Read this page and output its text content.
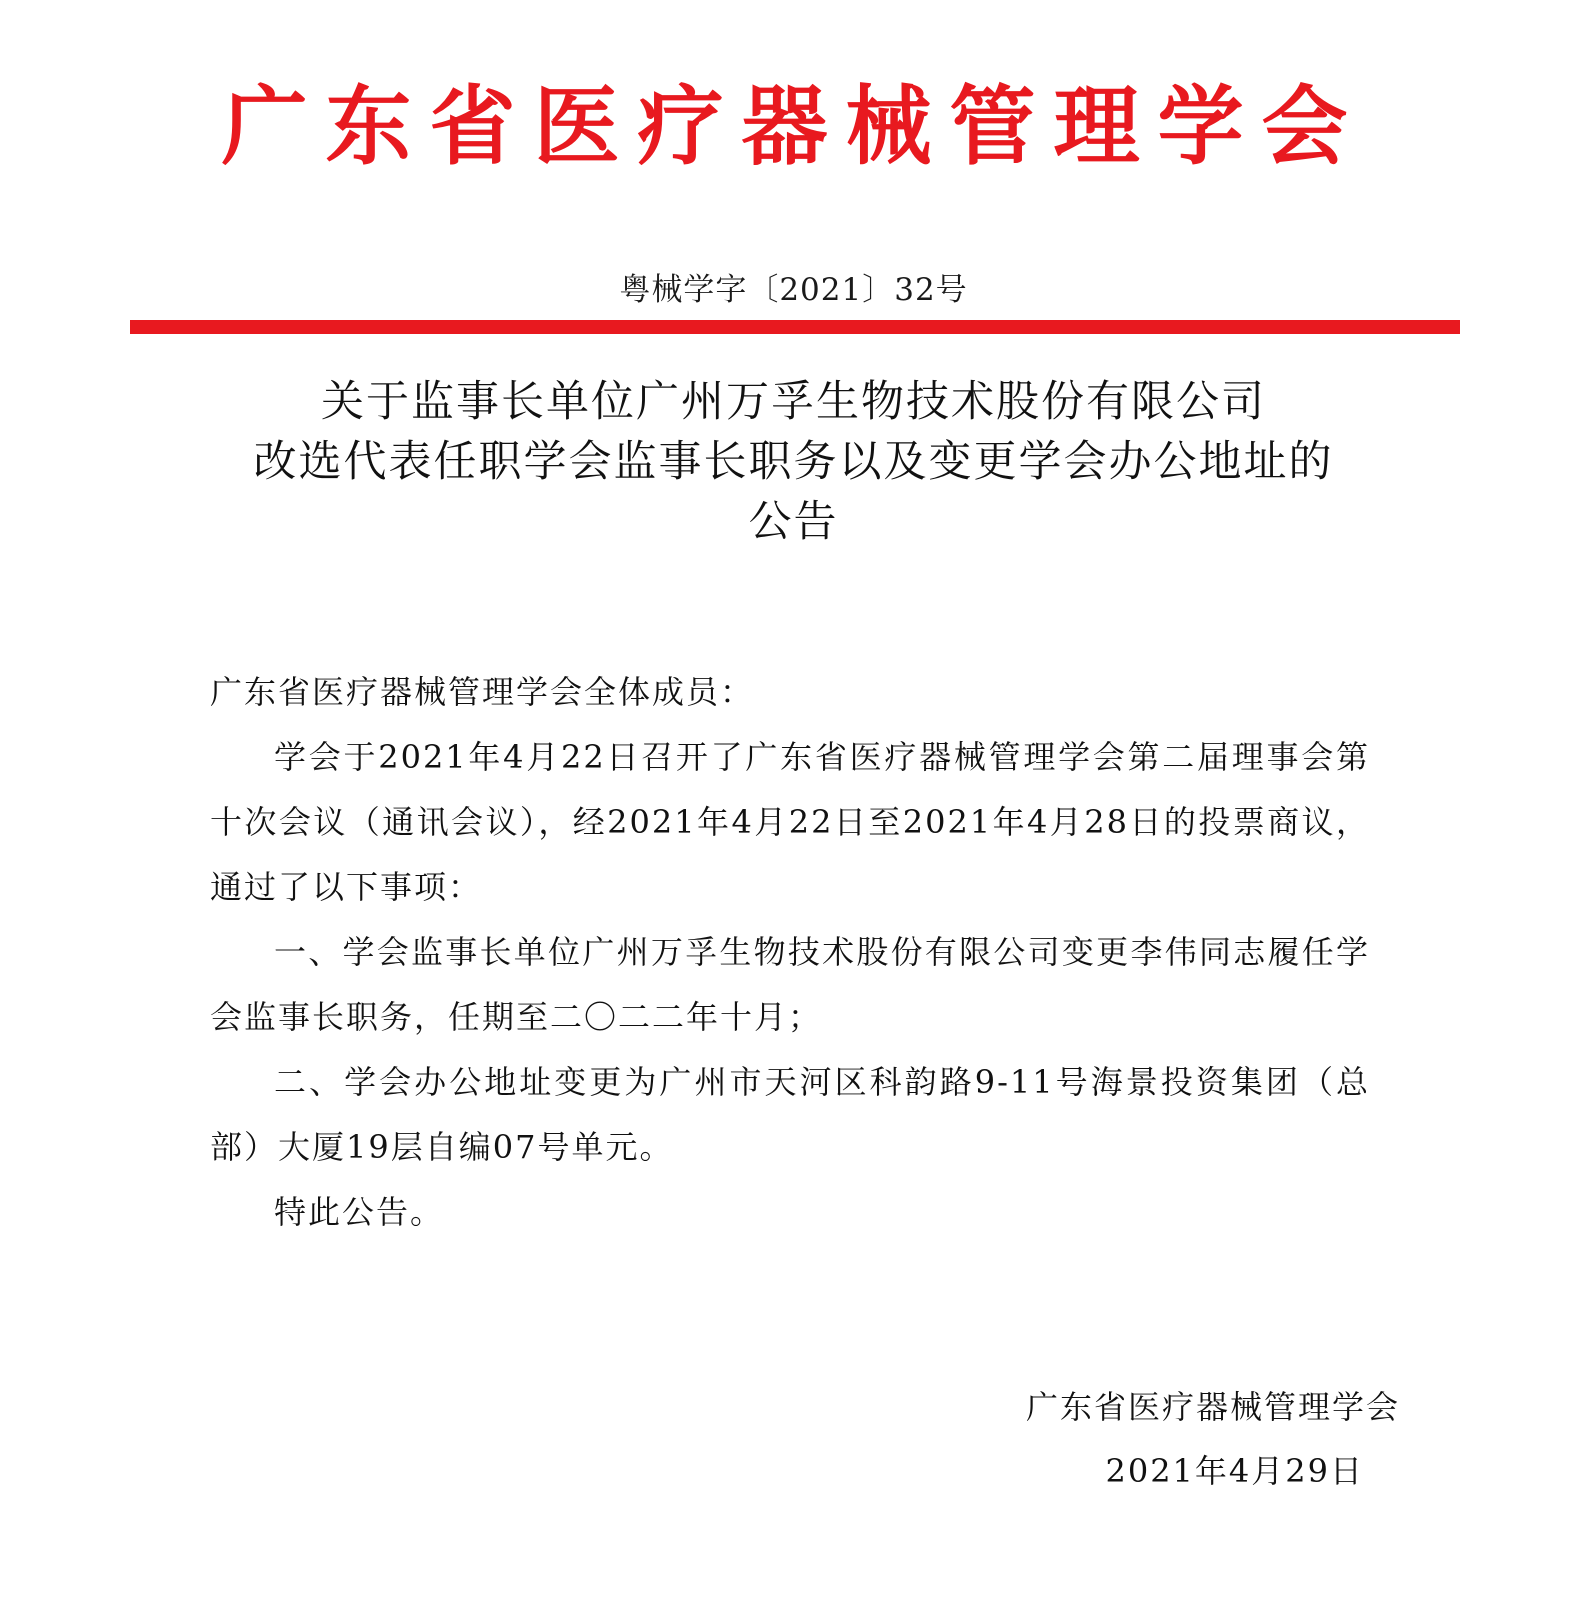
广东省医疗器械管理学会
粤械学字〔2021〕32号
关于监事长单位广州万孚生物技术股份有限公司
改选代表任职学会监事长职务以及变更学会办公地址的
公告
广东省医疗器械管理学会全体成员：
学会于2021年4月22日召开了广东省医疗器械管理学会第二届理事会第十次会议（通讯会议），经2021年4月22日至2021年4月28日的投票商议，通过了以下事项：
一、学会监事长单位广州万孚生物技术股份有限公司变更李伟同志履任学会监事长职务，任期至二〇二二年十月；
二、学会办公地址变更为广州市天河区科韵路9-11号海景投资集团（总部）大厦19层自编07号单元。
特此公告。
广东省医疗器械管理学会
2021年4月29日
